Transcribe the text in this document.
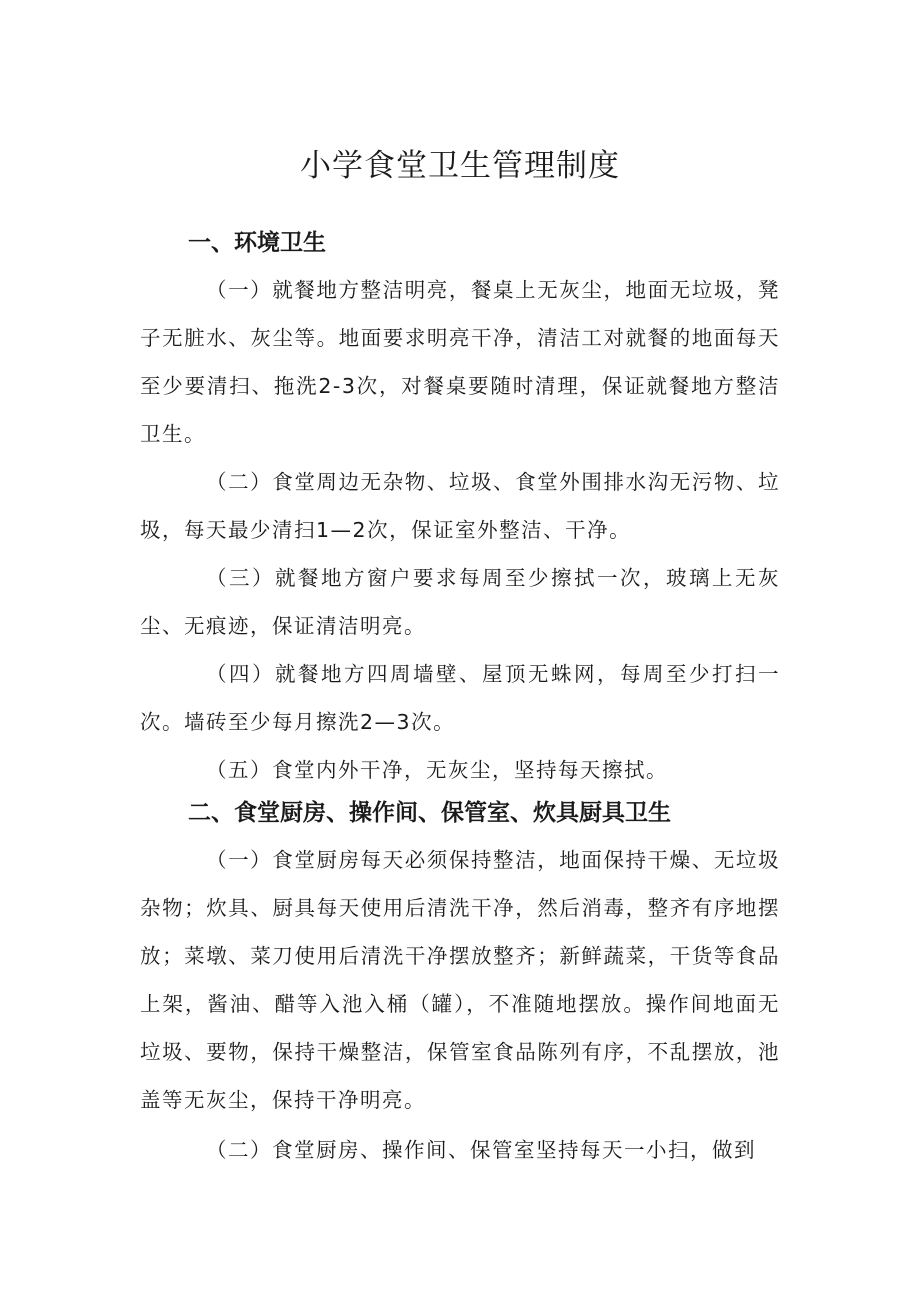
小学食堂卫生管理制度
一、环境卫生

（一）就餐地方整洁明亮，餐桌上无灰尘，地面无垃圾，凳子无脏水、灰尘等。地面要求明亮干净，清洁工对就餐的地面每天至少要清扫、拖洗2-3次，对餐桌要随时清理，保证就餐地方整洁卫生。

（二）食堂周边无杂物、垃圾、食堂外围排水沟无污物、垃圾，每天最少清扫1—2次，保证室外整洁、干净。

（三）就餐地方窗户要求每周至少擦拭一次，玻璃上无灰尘、无痕迹，保证清洁明亮。

（四）就餐地方四周墙壁、屋顶无蛛网，每周至少打扫一次。墙砖至少每月擦洗2—3次。

（五）食堂内外干净，无灰尘，坚持每天擦拭。

二、食堂厨房、操作间、保管室、炊具厨具卫生

（一）食堂厨房每天必须保持整洁，地面保持干燥、无垃圾杂物；炊具、厨具每天使用后清洗干净，然后消毒，整齐有序地摆放；菜墩、菜刀使用后清洗干净摆放整齐；新鲜蔬菜，干货等食品上架，酱油、醋等入池入桶（罐），不准随地摆放。操作间地面无垃圾、要物，保持干燥整洁，保管室食品陈列有序，不乱摆放，池盖等无灰尘，保持干净明亮。

（二）食堂厨房、操作间、保管室坚持每天一小扫，做到
